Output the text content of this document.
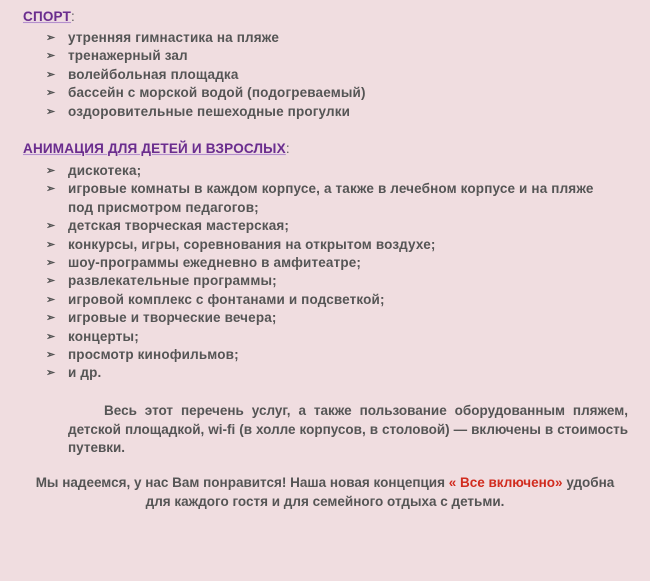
СПОРТ:
➢ утренняя гимнастика на пляже
➢ тренажерный зал
➢ волейбольная площадка
➢ бассейн с морской водой (подогреваемый)
➢ оздоровительные пешеходные прогулки
АНИМАЦИЯ ДЛЯ ДЕТЕЙ И ВЗРОСЛЫХ:
➢ дискотека;
➢ игровые комнаты в каждом корпусе, а также в лечебном корпусе и на пляже под присмотром педагогов;
➢ детская творческая мастерская;
➢ конкурсы, игры, соревнования на открытом воздухе;
➢ шоу-программы ежедневно в амфитеатре;
➢ развлекательные программы;
➢ игровой комплекс с фонтанами и подсветкой;
➢ игровые и творческие вечера;
➢ концерты;
➢ просмотр кинофильмов;
➢ и др.

Весь этот перечень услуг, а также пользование оборудованным пляжем, детской площадкой, wi-fi (в холле корпусов, в столовой) — включены в стоимость путевки.

Мы надеемся, у нас Вам понравится! Наша новая концепция « Все включено» удобна для каждого гостя и для семейного отдыха с детьми.
